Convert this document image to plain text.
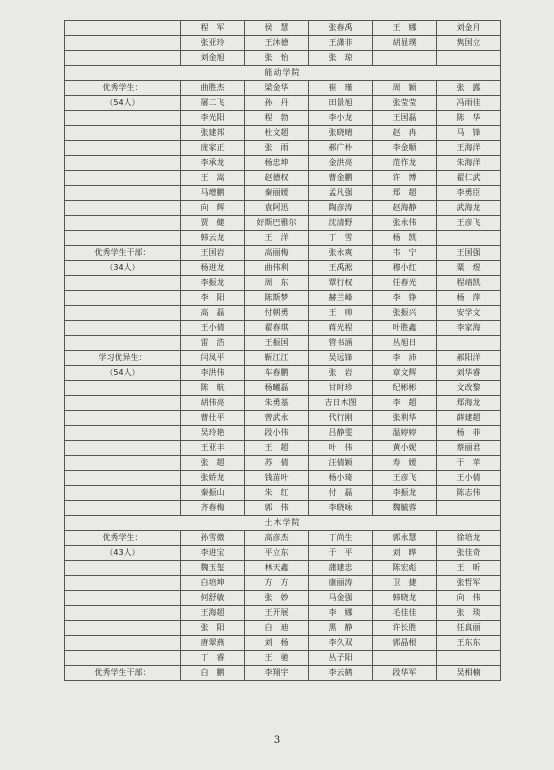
	程　军	侯　慧	张春禹	王　娜	刘金月
	张亚玲	王沐德	王潇非	胡显璞	隽国立
	刘金旭	张　怡	张　琼		
能动学院					
优秀学生：	曲胜杰	梁金华	崔　瑾	周　颖	张　露
（54人）	屠二飞	孙　丹	田景旭	张莹莹	冯雨佳
	李光阳	程　勃	李小龙	王国磊	陈　华
	张建邦	杜文超	张晓晴	赵　冉	马　锋
	庞家正	张　雨	郝广朴	李金顺	王海洋
	李承龙	杨忠坤	金洪亮	范作龙	朱海洋
	王　嵩	赵德权	曹金鹏	许　博	翟仁武
	马增鹏	秦丽媛	孟凡强	郑　超	李勇臣
	向　辉	袁阿迅	陶彦涛	赵海静	武海龙
	贾　健	好斯巴雅尔	沈清野	张永伟	王彦飞
	韩云龙	王　洋	丁　雪	杨　凯	
优秀学生干部：	王国岩	高丽梅	张永爽	韦　宁	王国强
（34人）	杨进龙	曲伟利	王禹淞	穆小红	粟　煜
	李振龙	周　东	覃行权	任春光	程靖凯
	李　阳	陈斯梦	赫兰峰	李　铮	杨　萍
	高　磊	付朝勇	王　帅	张振兴	安学文
	王小倩	翟春琪	蒋光程	叶胜鑫	李家海
	雷　浩	王振国	管书涵	丛旭日	
学习优异生：	闫凤平	靳江江	吴远锋	李　沛	郝阳洋
（54人）	李洪伟	车春鹏	张　岩	章文辉	刘华睿
	陈　航	杨曦磊	甘时珍	纪彬彬	文改黎
	胡伟亮	朱勇基	吉日木图	李　超	郑海龙
	曹仕平	曾武永	代行刚	张利华	薛建超
	吴玲艳	段小伟	吕静雯	温婷婷	杨　菲
	王亚丰	王　超	叶　伟	黄小妮	蔡丽君
	张　超	苏　倩	汪倩颖	寿　媛	于　苹
	张娇龙	钱苗叶	杨小琦	王彦飞	王小倩
	秦振山	朱　红	付　磊	李振龙	陈志伟
	齐春梅	郭　伟	李晓咏	魏毓蓉	
土木学院					
优秀学生：	孙雪微	高彦杰	丁尚生	郭永慧	徐培龙
（43人）	李进宝	平立东	于　平	刘　晔	张佳奇
	魏玉玺	林天鑫	蒲建忠	陈宏彪	王　昕
	白培坤	方　方	康丽涛	卫　捷	张哲军
	何舒敏	张　妙	马金强	韩晓龙	向　伟
	王海超	王开展	李　娜	毛佳佳	张　琰
	张　阳	白　迪	黑　静	许长胜	任真丽
	唐翠燕	刘　杨	李久双	郭晶根	王东东
	丁　睿	王　驰	丛子阳		
优秀学生干部：	白　鹏	李翔宇	李云鹤	段华军	吴相楠
3
